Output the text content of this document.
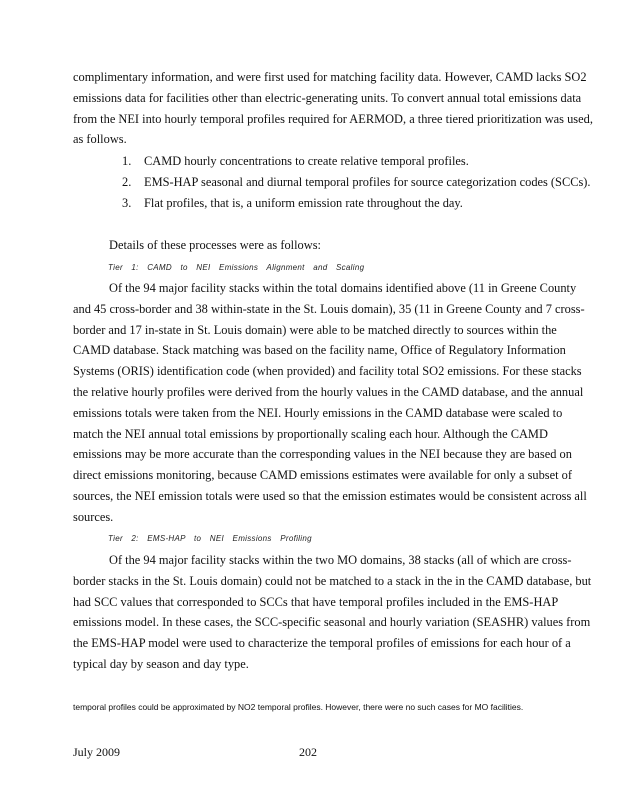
complimentary information, and were first used for matching facility data. However, CAMD lacks SO2 emissions data for facilities other than electric-generating units. To convert annual total emissions data from the NEI into hourly temporal profiles required for AERMOD, a three tiered prioritization was used, as follows.

1. CAMD hourly concentrations to create relative temporal profiles.
2. EMS-HAP seasonal and diurnal temporal profiles for source categorization codes (SCCs).
3. Flat profiles, that is, a uniform emission rate throughout the day.

Details of these processes were as follows:

Tier 1: CAMD to NEI Emissions Alignment and Scaling

Of the 94 major facility stacks within the total domains identified above (11 in Greene County and 45 cross-border and 38 within-state in the St. Louis domain), 35 (11 in Greene County and 7 cross-border and 17 in-state in St. Louis domain) were able to be matched directly to sources within the CAMD database. Stack matching was based on the facility name, Office of Regulatory Information Systems (ORIS) identification code (when provided) and facility total SO2 emissions. For these stacks the relative hourly profiles were derived from the hourly values in the CAMD database, and the annual emissions totals were taken from the NEI. Hourly emissions in the CAMD database were scaled to match the NEI annual total emissions by proportionally scaling each hour. Although the CAMD emissions may be more accurate than the corresponding values in the NEI because they are based on direct emissions monitoring, because CAMD emissions estimates were available for only a subset of sources, the NEI emission totals were used so that the emission estimates would be consistent across all sources.

Tier 2: EMS-HAP to NEI Emissions Profiling

Of the 94 major facility stacks within the two MO domains, 38 stacks (all of which are cross-border stacks in the St. Louis domain) could not be matched to a stack in the in the CAMD database, but had SCC values that corresponded to SCCs that have temporal profiles included in the EMS-HAP emissions model. In these cases, the SCC-specific seasonal and hourly variation (SEASHR) values from the EMS-HAP model were used to characterize the temporal profiles of emissions for each hour of a typical day by season and day type.

temporal profiles could be approximated by NO2 temporal profiles. However, there were no such cases for MO facilities.

July 2009	202
